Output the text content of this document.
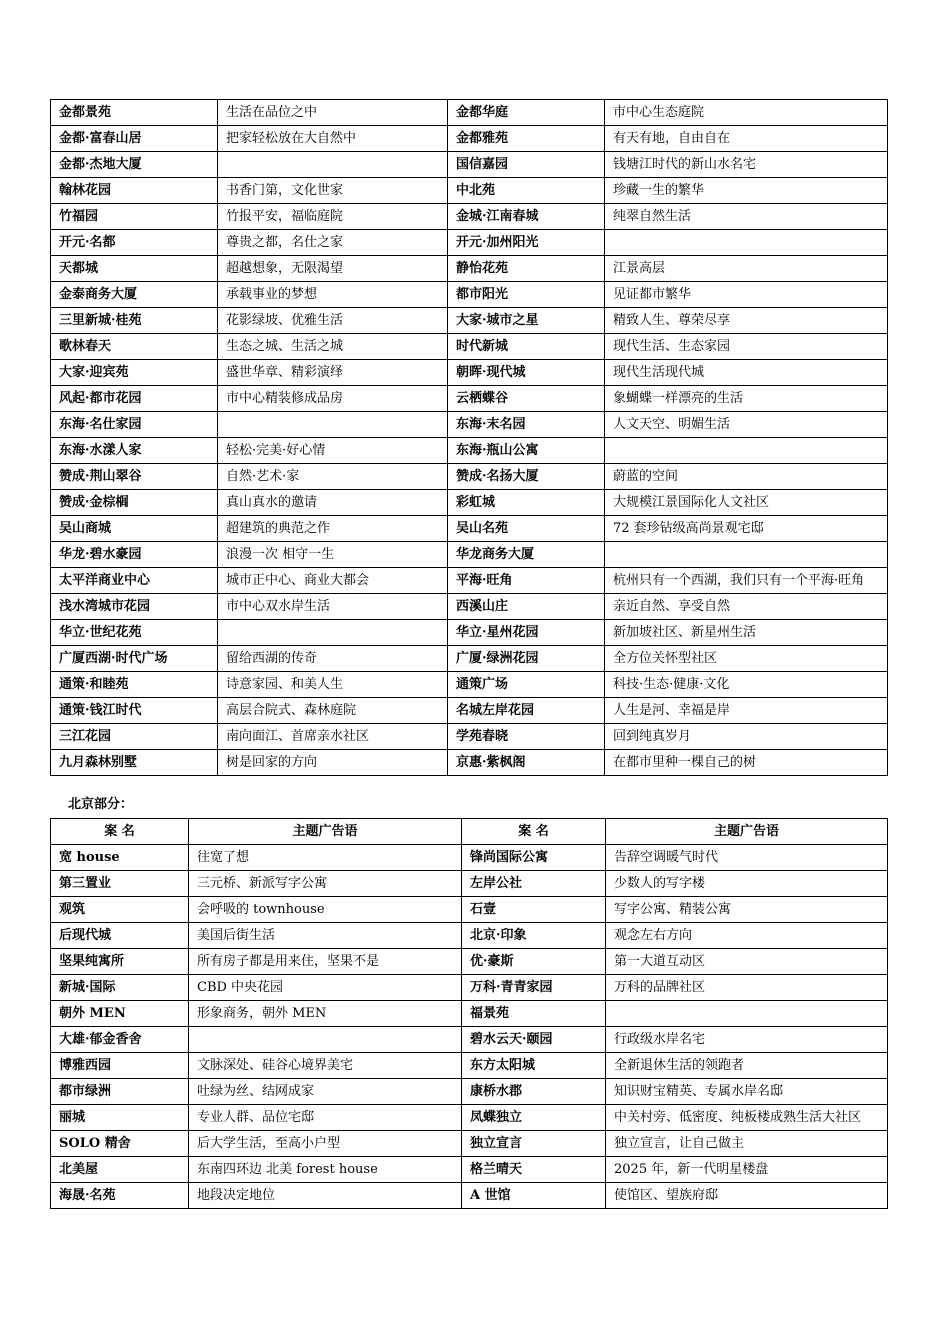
金都景苑	生活在品位之中	金都华庭	市中心生态庭院
金都·富春山居	把家轻松放在大自然中	金都雅苑	有天有地，自由自在
金都·杰地大厦		国信嘉园	钱塘江时代的新山水名宅
翰林花园	书香门第，文化世家	中北苑	珍藏一生的繁华
竹福园	竹报平安，福临庭院	金城·江南春城	纯翠自然生活
开元·名都	尊贵之都，名仕之家	开元·加州阳光	
天都城	超越想象，无限渴望	静怡花苑	江景高层
金泰商务大厦	承载事业的梦想	都市阳光	见证都市繁华
三里新城·桂苑	花影绿坡、优雅生活	大家·城市之星	精致人生、尊荣尽享
歌林春天	生态之城、生活之城	时代新城	现代生活、生态家园
大家·迎宾苑	盛世华章、精彩演绎	朝晖·现代城	现代生活现代城
风起·都市花园	市中心精装修成品房	云栖蝶谷	象蝴蝶一样漂亮的生活
东海·名仕家园		东海·末名园	人文天空、明媚生活
东海·水漾人家	轻松·完美·好心情	东海·瓶山公寓	
赞成·荆山翠谷	自然·艺术·家	赞成·名扬大厦	蔚蓝的空间
赞成·金棕榈	真山真水的邀请	彩虹城	大规模江景国际化人文社区
吴山商城	超建筑的典范之作	吴山名苑	72 套珍钻级高尚景观宅邸
华龙·碧水豪园	浪漫一次 相守一生	华龙商务大厦	
太平洋商业中心	城市正中心、商业大都会	平海·旺角	杭州只有一个西湖，我们只有一个平海·旺角
浅水湾城市花园	市中心双水岸生活	西溪山庄	亲近自然、享受自然
华立·世纪花苑		华立·星州花园	新加坡社区、新星州生活
广厦西湖·时代广场	留给西湖的传奇	广厦·绿洲花园	全方位关怀型社区
通策·和睦苑	诗意家园、和美人生	通策广场	科技·生态·健康·文化
通策·钱江时代	高层合院式、森林庭院	名城左岸花园	人生是河、幸福是岸
三江花园	南向面江、首席亲水社区	学苑春晓	回到纯真岁月
九月森林别墅	树是回家的方向	京惠·紫枫阁	在都市里种一棵自己的树
北京部分：
案 名	主题广告语	案 名	主题广告语
宽 house	往宽了想	锋尚国际公寓	告辞空调暖气时代
第三置业	三元桥、新派写字公寓	左岸公社	少数人的写字楼
观筑	会呼吸的 townhouse	石壹	写字公寓、精装公寓
后现代城	美国后街生活	北京·印象	观念左右方向
坚果纯寓所	所有房子都是用来住，坚果不是	优·豪斯	第一大道互动区
新城·国际	CBD 中央花园	万科·青青家园	万科的品牌社区
朝外 MEN	形象商务，朝外 MEN	福景苑	
大雄·郁金香舍		碧水云天·颐园	行政级水岸名宅
博雅西园	文脉深处、硅谷心境界美宅	东方太阳城	全新退休生活的领跑者
都市绿洲	吐绿为丝、结网成家	康桥水郡	知识财宝精英、专属水岸名邸
丽城	专业人群、品位宅邸	凤蝶独立	中关村旁、低密度、纯板楼成熟生活大社区
SOLO 精舍	后大学生活，至高小户型	独立宣言	独立宣言，让自己做主
北美屋	东南四环边 北美 forest house	格兰晴天	2025 年，新一代明星楼盘
海晟·名苑	地段决定地位	A 世馆	使馆区、望族府邸
